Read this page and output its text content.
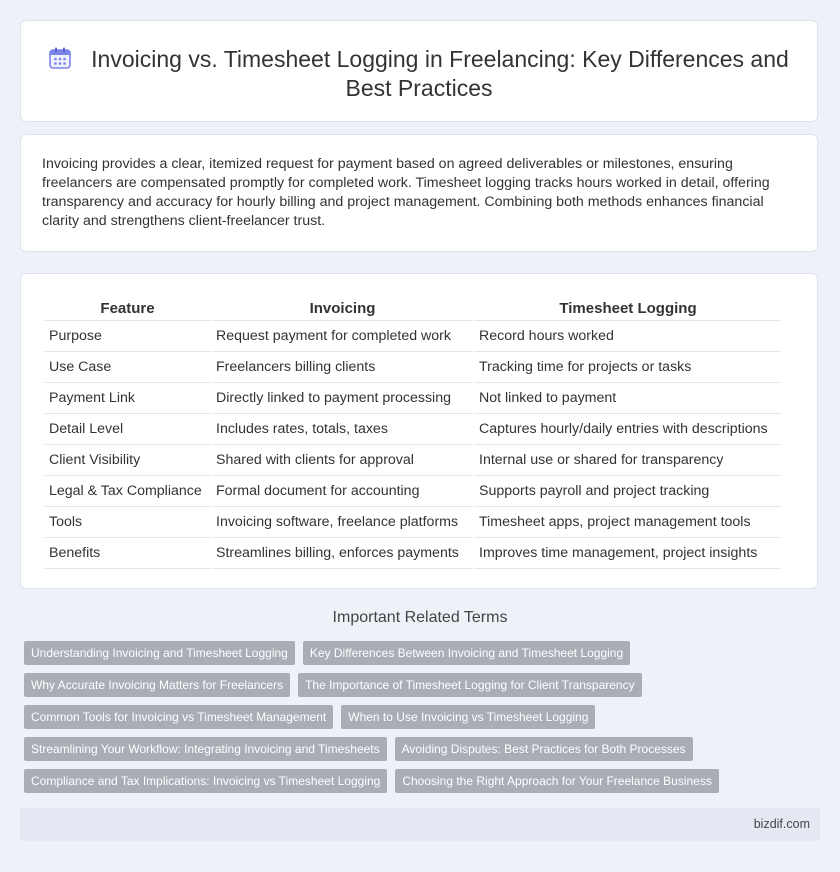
Invoicing vs. Timesheet Logging in Freelancing: Key Differences and Best Practices

Invoicing provides a clear, itemized request for payment based on agreed deliverables or milestones, ensuring freelancers are compensated promptly for completed work. Timesheet logging tracks hours worked in detail, offering transparency and accuracy for hourly billing and project management. Combining both methods enhances financial clarity and strengthens client-freelancer trust.

Feature	Invoicing	Timesheet Logging
Purpose	Request payment for completed work	Record hours worked
Use Case	Freelancers billing clients	Tracking time for projects or tasks
Payment Link	Directly linked to payment processing	Not linked to payment
Detail Level	Includes rates, totals, taxes	Captures hourly/daily entries with descriptions
Client Visibility	Shared with clients for approval	Internal use or shared for transparency
Legal & Tax Compliance	Formal document for accounting	Supports payroll and project tracking
Tools	Invoicing software, freelance platforms	Timesheet apps, project management tools
Benefits	Streamlines billing, enforces payments	Improves time management, project insights
Important Related Terms
Understanding Invoicing and Timesheet Logging	Key Differences Between Invoicing and Timesheet Logging
Why Accurate Invoicing Matters for Freelancers	The Importance of Timesheet Logging for Client Transparency
Common Tools for Invoicing vs Timesheet Management	When to Use Invoicing vs Timesheet Logging
Streamlining Your Workflow: Integrating Invoicing and Timesheets	Avoiding Disputes: Best Practices for Both Processes
Compliance and Tax Implications: Invoicing vs Timesheet Logging	Choosing the Right Approach for Your Freelance Business
bizdif.com
